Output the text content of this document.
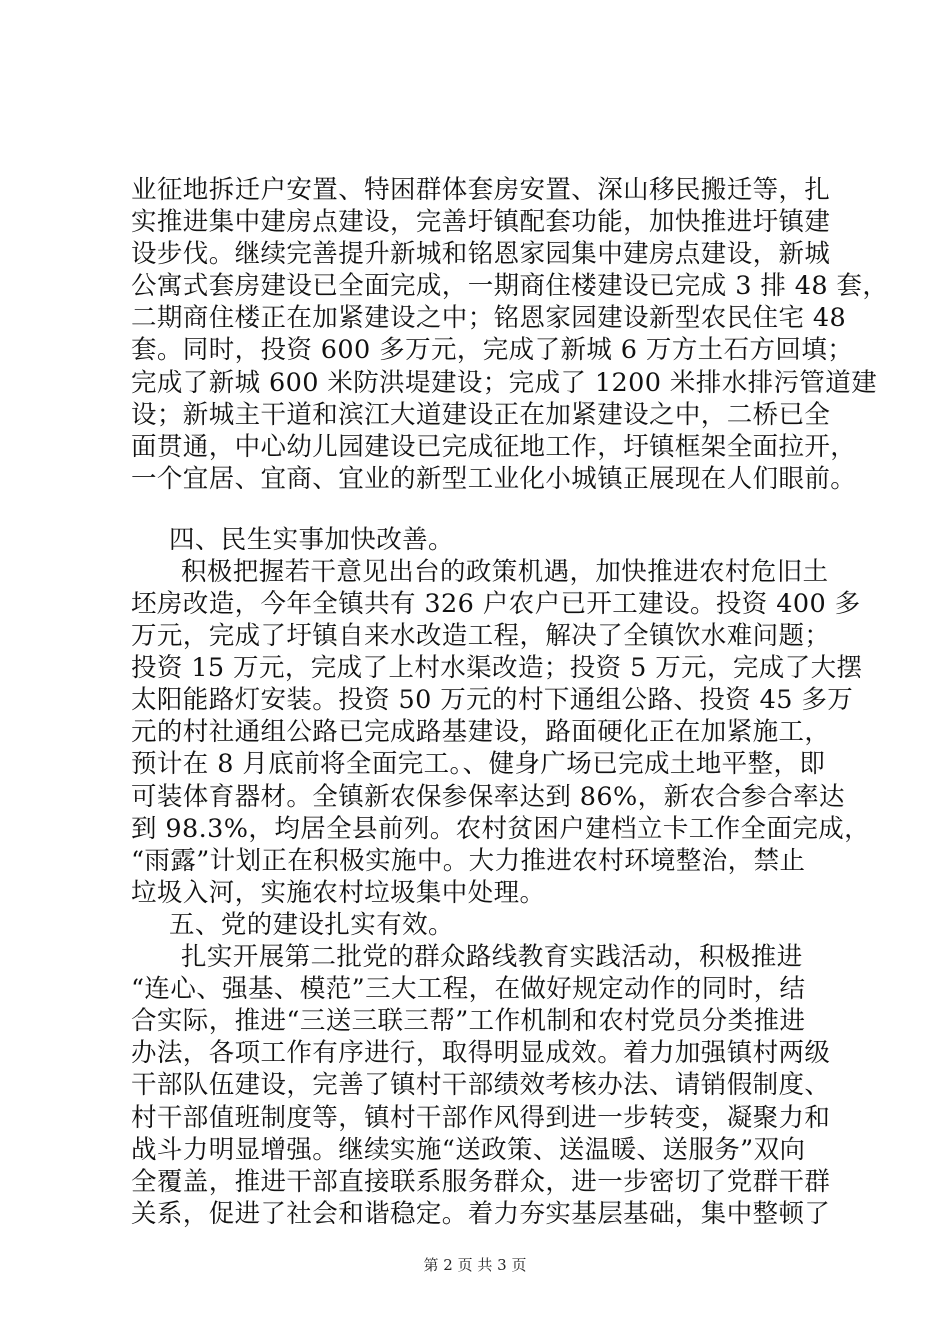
业征地拆迁户安置、特困群体套房安置、深山移民搬迁等，扎
实推进集中建房点建设，完善圩镇配套功能，加快推进圩镇建
设步伐。继续完善提升新城和铭恩家园集中建房点建设，新城
公寓式套房建设已全面完成，一期商住楼建设已完成 3 排 48 套，
二期商住楼正在加紧建设之中；铭恩家园建设新型农民住宅 48
套。同时，投资 600 多万元，完成了新城 6 万方土石方回填；
完成了新城 600 米防洪堤建设；完成了 1200 米排水排污管道建
设；新城主干道和滨江大道建设正在加紧建设之中，二桥已全
面贯通，中心幼儿园建设已完成征地工作，圩镇框架全面拉开，
一个宜居、宜商、宜业的新型工业化小城镇正展现在人们眼前。
四、民生实事加快改善。
积极把握若干意见出台的政策机遇，加快推进农村危旧土
坯房改造，今年全镇共有 326 户农户已开工建设。投资 400 多
万元，完成了圩镇自来水改造工程，解决了全镇饮水难问题；
投资 15 万元，完成了上村水渠改造；投资 5 万元，完成了大摆
太阳能路灯安装。投资 50 万元的村下通组公路、投资 45 多万
元的村社通组公路已完成路基建设，路面硬化正在加紧施工，
预计在 8 月底前将全面完工。、健身广场已完成土地平整，即
可装体育器材。全镇新农保参保率达到 86%，新农合参合率达
到 98.3%，均居全县前列。农村贫困户建档立卡工作全面完成，
“雨露”计划正在积极实施中。大力推进农村环境整治，禁止
垃圾入河，实施农村垃圾集中处理。
五、党的建设扎实有效。
扎实开展第二批党的群众路线教育实践活动，积极推进
“连心、强基、模范”三大工程，在做好规定动作的同时，结
合实际，推进“三送三联三帮”工作机制和农村党员分类推进
办法，各项工作有序进行，取得明显成效。着力加强镇村两级
干部队伍建设，完善了镇村干部绩效考核办法、请销假制度、
村干部值班制度等，镇村干部作风得到进一步转变，凝聚力和
战斗力明显增强。继续实施“送政策、送温暖、送服务”双向
全覆盖，推进干部直接联系服务群众，进一步密切了党群干群
关系，促进了社会和谐稳定。着力夯实基层基础，集中整顿了
第 2 页 共 3 页
